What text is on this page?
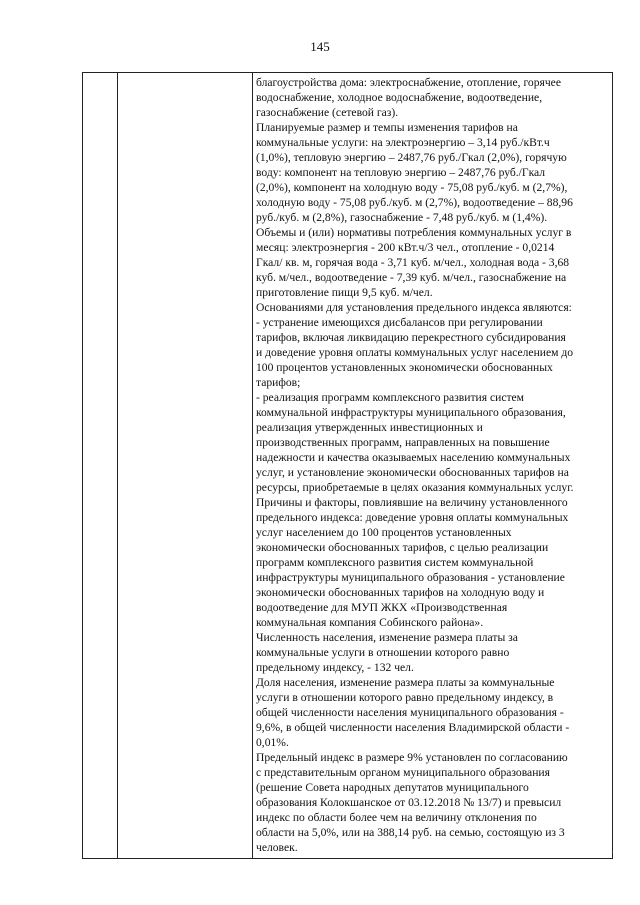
145

благоустройства дома: электроснабжение, отопление, горячее

водоснабжение, холодное водоснабжение, водоотведение,

газоснабжение (сетевой газ).

Планируемые размер и темпы изменения тарифов на

коммунальные услуги: на электроэнергию – 3,14 руб./кВт.ч

(1,0%), тепловую энергию – 2487,76 руб./Гкал (2,0%), горячую

воду: компонент на тепловую энергию – 2487,76 руб./Гкал

(2,0%), компонент на холодную воду - 75,08 руб./куб. м (2,7%),

холодную воду - 75,08 руб./куб. м (2,7%), водоотведение – 88,96

руб./куб. м (2,8%), газоснабжение - 7,48 руб./куб. м (1,4%).

Объемы и (или) нормативы потребления коммунальных услуг в

месяц: электроэнергия - 200 кВт.ч/3 чел., отопление - 0,0214

Гкал/ кв. м, горячая вода - 3,71 куб. м/чел., холодная вода - 3,68

куб. м/чел., водоотведение - 7,39 куб. м/чел., газоснабжение на

приготовление пищи 9,5 куб. м/чел.

Основаниями для установления предельного индекса являются:

- устранение имеющихся дисбалансов при регулировании

тарифов, включая ликвидацию перекрестного субсидирования

и доведение уровня оплаты коммунальных услуг населением до

100 процентов установленных экономически обоснованных

тарифов;

- реализация программ комплексного развития систем

коммунальной инфраструктуры муниципального образования,

реализация утвержденных инвестиционных и

производственных программ, направленных на повышение

надежности и качества оказываемых населению коммунальных

услуг, и установление экономически обоснованных тарифов на

ресурсы, приобретаемые в целях оказания коммунальных услуг.

Причины и факторы, повлиявшие на величину установленного

предельного индекса: доведение уровня оплаты коммунальных

услуг населением до 100 процентов установленных

экономически обоснованных тарифов, с целью реализации

программ комплексного развития систем коммунальной

инфраструктуры муниципального образования - установление

экономически обоснованных тарифов на холодную воду и

водоотведение для МУП ЖКХ «Производственная

коммунальная компания Собинского района».

Численность населения, изменение размера платы за

коммунальные услуги в отношении которого равно

предельному индексу, - 132 чел.

Доля населения, изменение размера платы за коммунальные

услуги в отношении которого равно предельному индексу, в

общей численности населения муниципального образования -

9,6%, в общей численности населения Владимирской области -

0,01%.

Предельный индекс в размере 9% установлен по согласованию

с представительным органом муниципального образования

(решение Совета народных депутатов муниципального

образования Колокшанское от 03.12.2018 № 13/7) и превысил

индекс по области более чем на величину отклонения по

области на 5,0%, или на 388,14 руб. на семью, состоящую из 3

человек.	·
